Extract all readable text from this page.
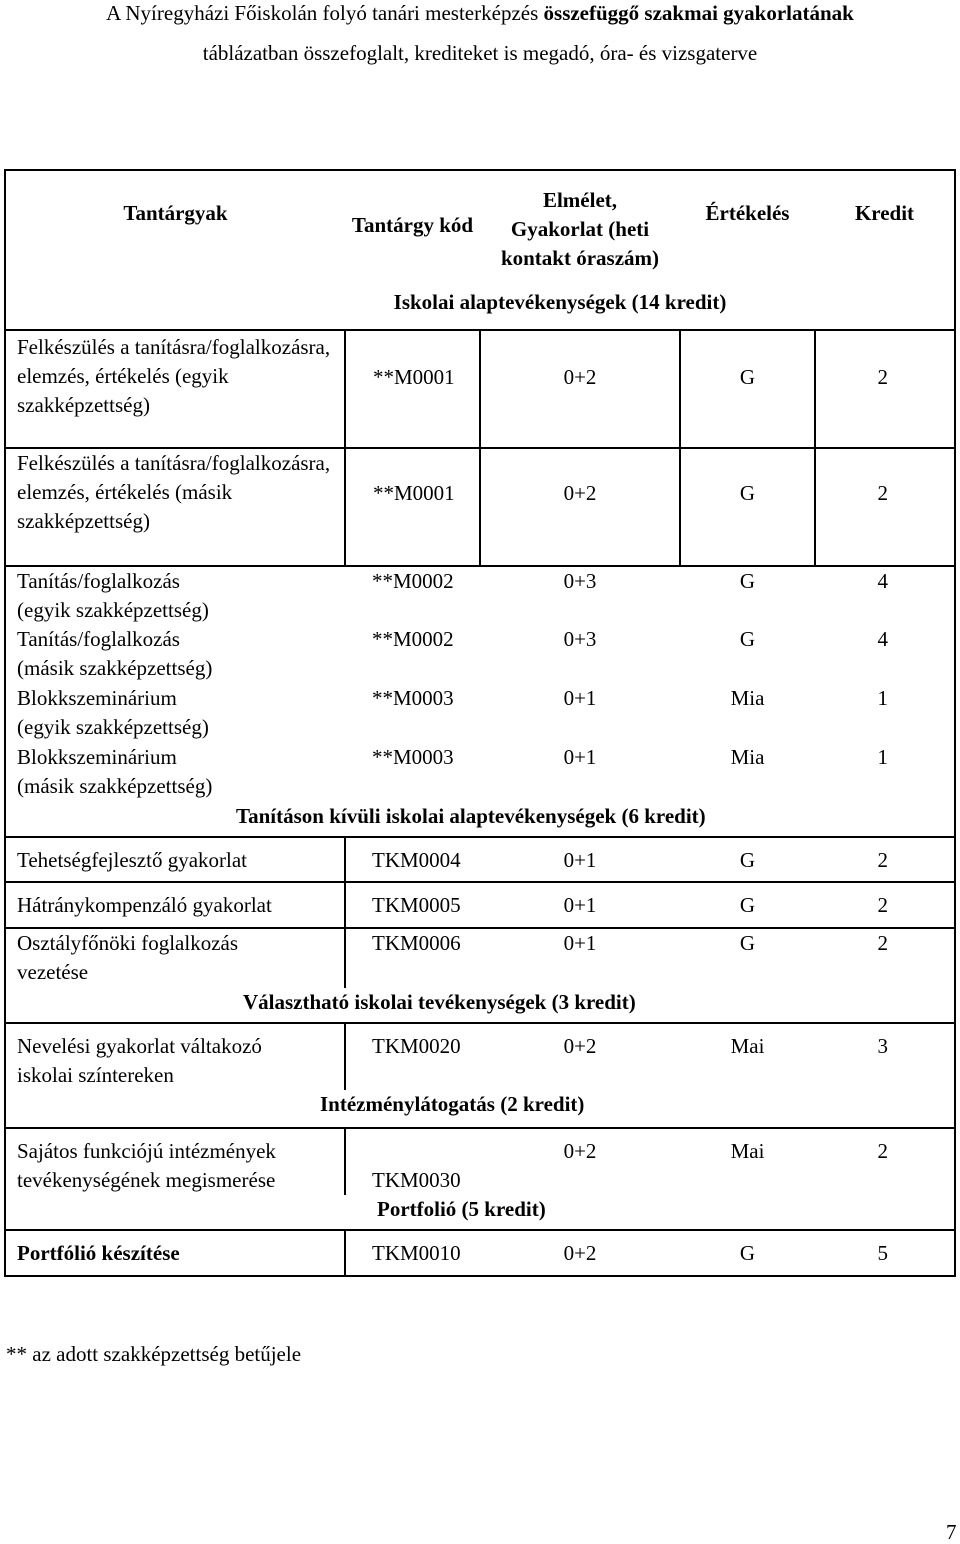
A Nyíregyházi Főiskolán folyó tanári mesterképzés összefüggő szakmai gyakorlatának
táblázatban összefoglalt, krediteket is megadó, óra- és vizsgaterve
Tantárgyak	Tantárgy kód	Elmélet, Gyakorlat (heti kontakt óraszám)	Értékelés	Kredit
	Iskolai alaptevékenységek (14 kredit)			
Felkészülés a tanításra/foglalkozásra, elemzés, értékelés (egyik szakképzettség)	**M0001	0+2	G	2
Felkészülés a tanításra/foglalkozásra, elemzés, értékelés (másik szakképzettség)	**M0001	0+2	G	2

Tanítás/foglalkozás
(egyik szakképzettség)	**M0002	0+3	G	4

Tanítás/foglalkozás
(másik szakképzettség)	**M0002	0+3	G	4

Blokkszeminárium
(egyik szakképzettség)	**M0003	0+1	Mia	1

Blokkszeminárium
(másik szakképzettség)	**M0003	0+1	Mia	1
Tanításon kívüli iskolai alaptevékenységek (6 kredit)				
Tehetségfejlesztő gyakorlat	TKM0004	0+1	G	2
Hátránykompenzáló gyakorlat	TKM0005	0+1	G	2

Osztályfőnöki foglalkozás
vezetése	TKM0006	0+1	G	2
Választható iskolai tevékenységek (3 kredit)				

Nevelési gyakorlat váltakozó
iskolai színtereken	TKM0020	0+2	Mai	3
Intézménylátogatás (2 kredit)				

Sajátos funkciójú intézmények
tevékenységének megismerése	TKM0030	0+2	Mai	2
Portfolió (5 kredit)				
Portfólió készítése	TKM0010	0+2	G	5
** az adott szakképzettség betűjele
7
